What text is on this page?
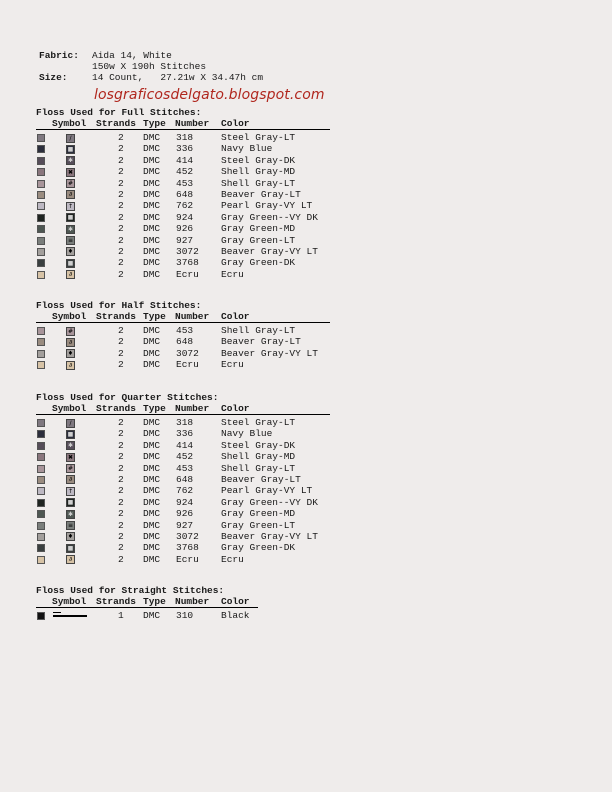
Fabric: Aida 14, White
150w X 190h Stitches
Size:	14 Count,   27.21w X 34.47h cm
losgraficosdelgato.blogspot.com
Floss Used for Full Stitches:
Symbol Strands Type Number Color
∕	2 DMC 318	Steel Gray-LT
■	2 DMC 336	Navy Blue
✱	2 DMC 414	Steel Gray-DK
✖	2 DMC 452	Shell Gray-MD
#	2 DMC 453	Shell Gray-LT
∂	2 DMC 648	Beaver Gray-LT
↑	2 DMC 762	Pearl Gray-VY LT
■	2 DMC 924	Gray Green--VY DK
✱	2 DMC 926	Gray Green-MD
≡	2 DMC 927	Gray Green-LT
♦	2 DMC 3072 Beaver Gray-VY LT
■	2 DMC 3768 Gray Green-DK
∂	2 DMC Ecru Ecru
Floss Used for Half Stitches:
Symbol Strands Type Number Color
#	2 DMC 453	Shell Gray-LT
∂	2 DMC 648	Beaver Gray-LT
♦	2 DMC 3072 Beaver Gray-VY LT
∂	2 DMC Ecru Ecru
Floss Used for Quarter Stitches:
Symbol Strands Type Number Color
∕	2 DMC 318	Steel Gray-LT
■	2 DMC 336	Navy Blue
✱	2 DMC 414	Steel Gray-DK
✖	2 DMC 452	Shell Gray-MD
#	2 DMC 453	Shell Gray-LT
∂	2 DMC 648	Beaver Gray-LT
↑	2 DMC 762	Pearl Gray-VY LT
■	2 DMC 924	Gray Green--VY DK
✱	2 DMC 926	Gray Green-MD
≡	2 DMC 927	Gray Green-LT
♦	2 DMC 3072 Beaver Gray-VY LT
■	2 DMC 3768 Gray Green-DK
∂	2 DMC Ecru Ecru
Floss Used for Straight Stitches:
Symbol Strands Type Number Color
1 DMC 310	Black
